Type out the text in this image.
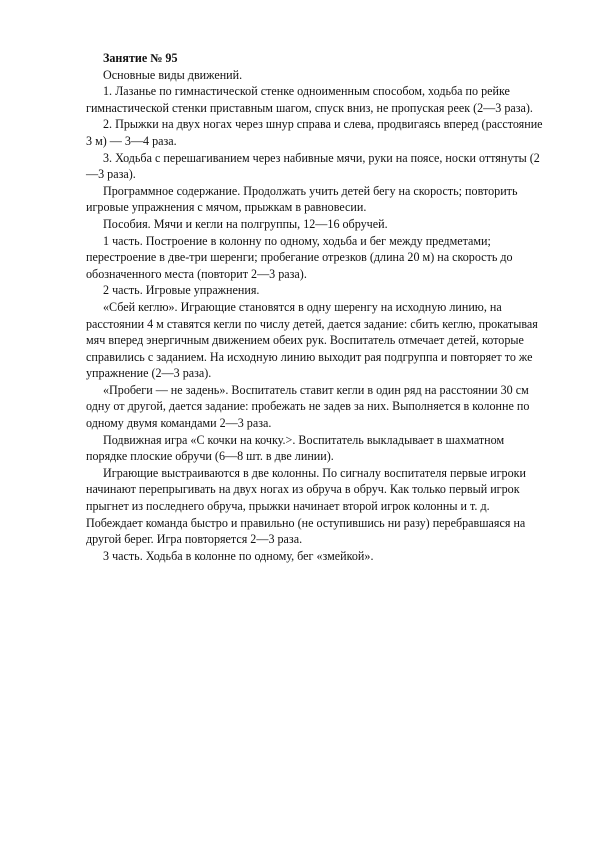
Занятие № 95

Основные виды движений.

1. Лазанье по гимнастической стенке одноименным способом, ходьба по рейке гимнастической стенки приставным шагом, спуск вниз, не пропуская реек (2—3 раза).

2. Прыжки на двух ногах через шнур справа и слева, продвигаясь вперед (расстояние 3 м) — 3—4 раза.

3. Ходьба с перешагиванием через набивные мячи, руки на поясе, носки оттянуты (2—3 раза).

Программное содержание. Продолжать учить детей бегу на скорость; повторить игровые упражнения с мячом, прыжкам в равновесии.

Пособия. Мячи и кегли на полгруппы, 12—16 обручей.

1 часть. Построение в колонну по одному, ходьба и бег между предметами; перестроение в две-три шеренги; пробегание отрезков (длина 20 м) на скорость до обозначенного места (повторит 2—3 раза).

2 часть. Игровые упражнения.

«Сбей кеглю». Играющие становятся в одну шеренгу на исходную линию, на расстоянии 4 м ставятся кегли по числу детей, дается задание: сбить кеглю, прокатывая мяч вперед энергичным движением обеих рук. Воспитатель отмечает детей, которые справились с заданием. На исходную линию выходит рая подгруппа и повторяет то же упражнение (2—3 раза).

«Пробеги — не задень». Воспитатель ставит кегли в один ряд на расстоянии 30 см одну от другой, дается задание: пробежать не задев за них. Выполняется в колонне по одному двумя командами 2—3 раза.

Подвижная игра «С кочки на кочку.>. Воспитатель выкладывает в шахматном порядке плоские обручи (6—8 шт. в две линии).

Играющие выстраиваются в две колонны. По сигналу воспитателя первые игроки начинают перепрыгивать на двух ногах из обруча в обруч. Как только первый игрок прыгнет из последнего обруча, прыжки начинает второй игрок колонны и т. д. Побеждает команда быстро и правильно (не оступившись ни разу) перебравшаяся на другой берег. Игра повторяется 2—3 раза.

3 часть. Ходьба в колонне по одному, бег «змейкой».
